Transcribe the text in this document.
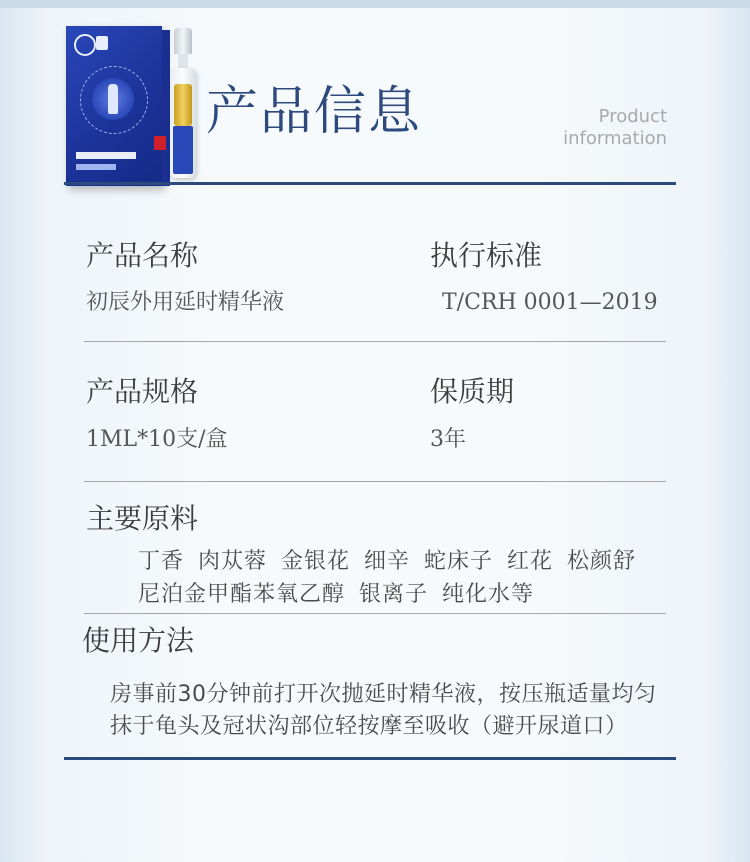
产品信息	Product
information
产品名称
初辰外用延时精华液
执行标准
T/CRH 0001—2019
产品规格
1ML*10支/盒
保质期
3年
主要原料
丁香 肉苁蓉 金银花 细辛 蛇床子 红花 松颜舒
尼泊金甲酯苯氧乙醇 银离子 纯化水等
使用方法
房事前30分钟前打开次抛延时精华液，按压瓶适量均匀
抹于龟头及冠状沟部位轻按摩至吸收（避开尿道口）
